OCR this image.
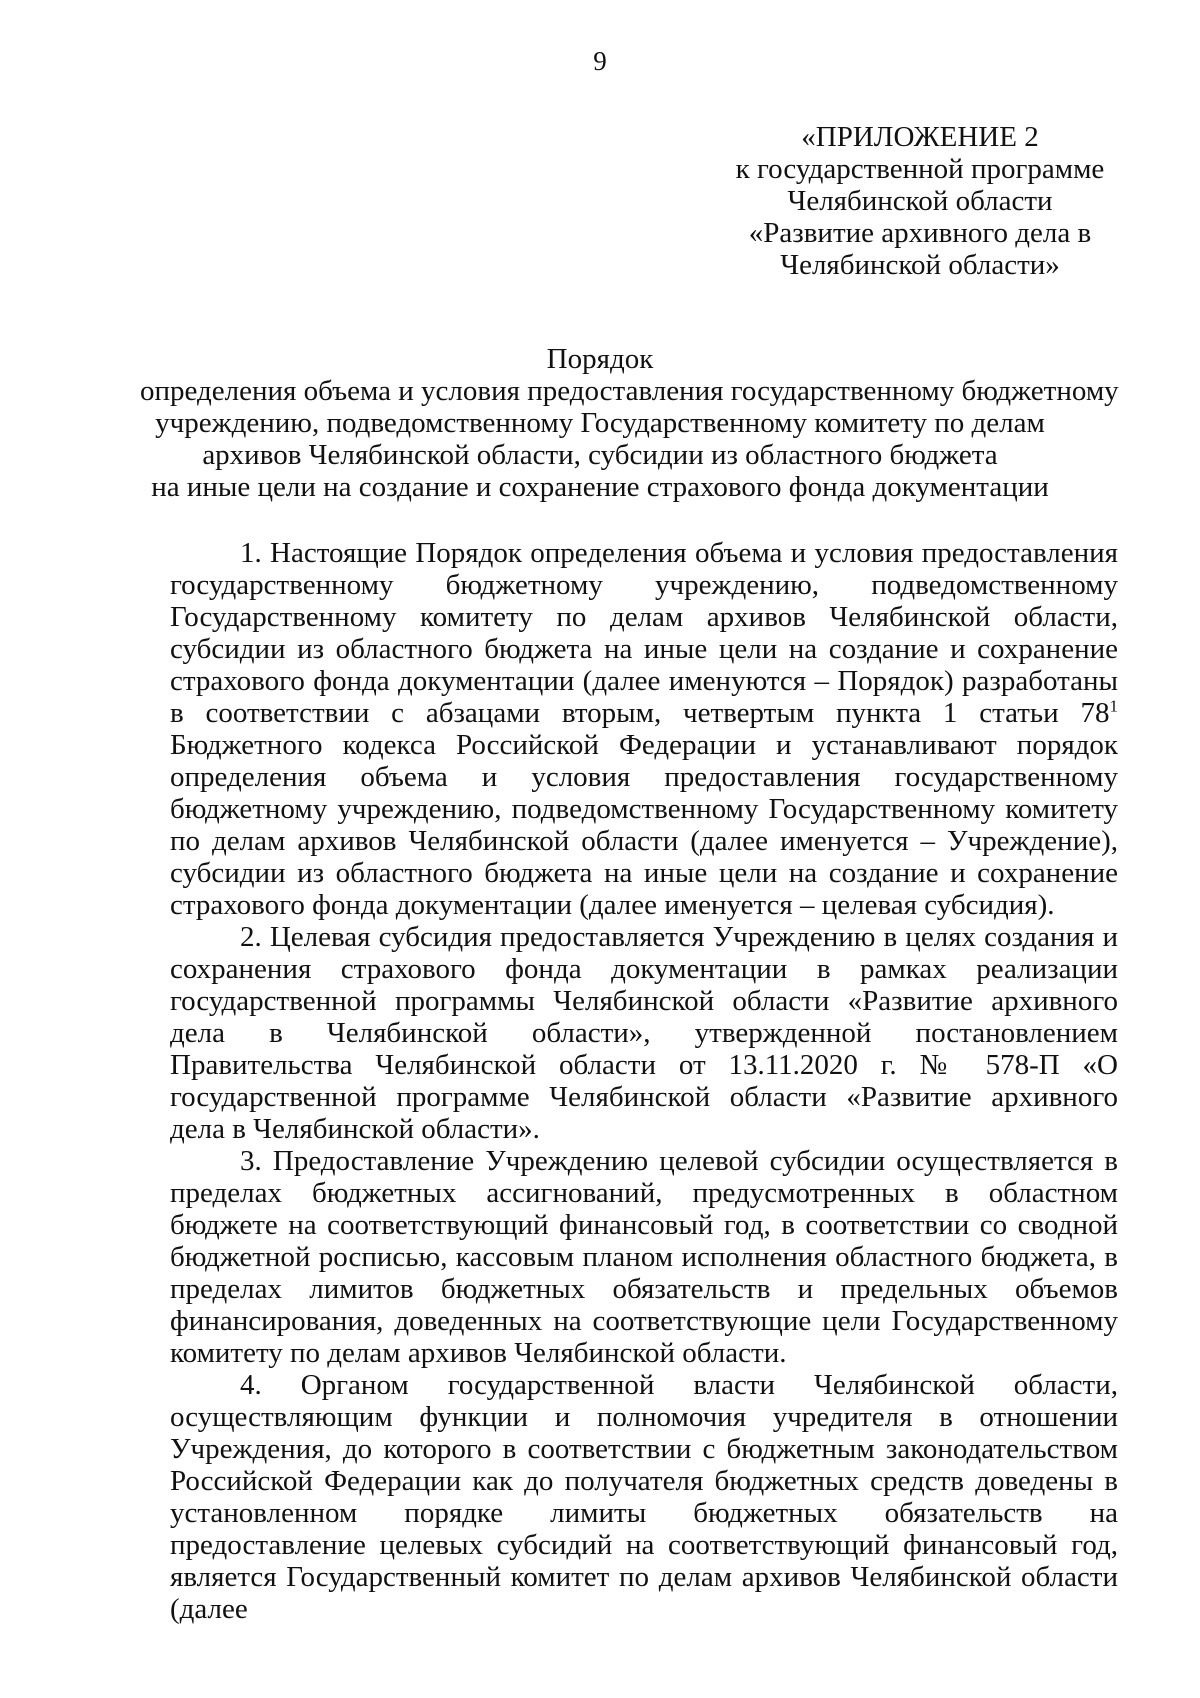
9
«ПРИЛОЖЕНИЕ 2
к государственной программе
Челябинской области
«Развитие архивного дела в
Челябинской области»
Порядок
определения объема и условия предоставления государственному бюджетному
учреждению, подведомственному Государственному комитету по делам
архивов Челябинской области, субсидии из областного бюджета
на иные цели на создание и сохранение страхового фонда документации

1. Настоящие Порядок определения объема и условия предоставления государственному бюджетному учреждению, подведомственному Государственному комитету по делам архивов Челябинской области, субсидии из областного бюджета на иные цели на создание и сохранение страхового фонда документации (далее именуются – Порядок) разработаны в соответствии с абзацами вторым, четвертым пункта 1 статьи $78^1$ Бюджетного кодекса Российской Федерации и устанавливают порядок определения объема и условия предоставления государственному бюджетному учреждению, подведомственному Государственному комитету по делам архивов Челябинской области (далее именуется – Учреждение), субсидии из областного бюджета на иные цели на создание и сохранение страхового фонда документации (далее именуется – целевая субсидия).

2. Целевая субсидия предоставляется Учреждению в целях создания и сохранения страхового фонда документации в рамках реализации государственной программы Челябинской области «Развитие архивного дела в Челябинской области», утвержденной постановлением Правительства Челябинской области от 13.11.2020 г. № 578-П «О государственной программе Челябинской области «Развитие архивного дела в Челябинской области».

3. Предоставление Учреждению целевой субсидии осуществляется в пределах бюджетных ассигнований, предусмотренных в областном бюджете на соответствующий финансовый год, в соответствии со сводной бюджетной росписью, кассовым планом исполнения областного бюджета, в пределах лимитов бюджетных обязательств и предельных объемов финансирования, доведенных на соответствующие цели Государственному комитету по делам архивов Челябинской области.

4. Органом государственной власти Челябинской области, осуществляющим функции и полномочия учредителя в отношении Учреждения, до которого в соответствии с бюджетным законодательством Российской Федерации как до получателя бюджетных средств доведены в установленном порядке лимиты бюджетных обязательств на предоставление целевых субсидий на соответствующий финансовый год, является Государственный комитет по делам архивов Челябинской области (далее
